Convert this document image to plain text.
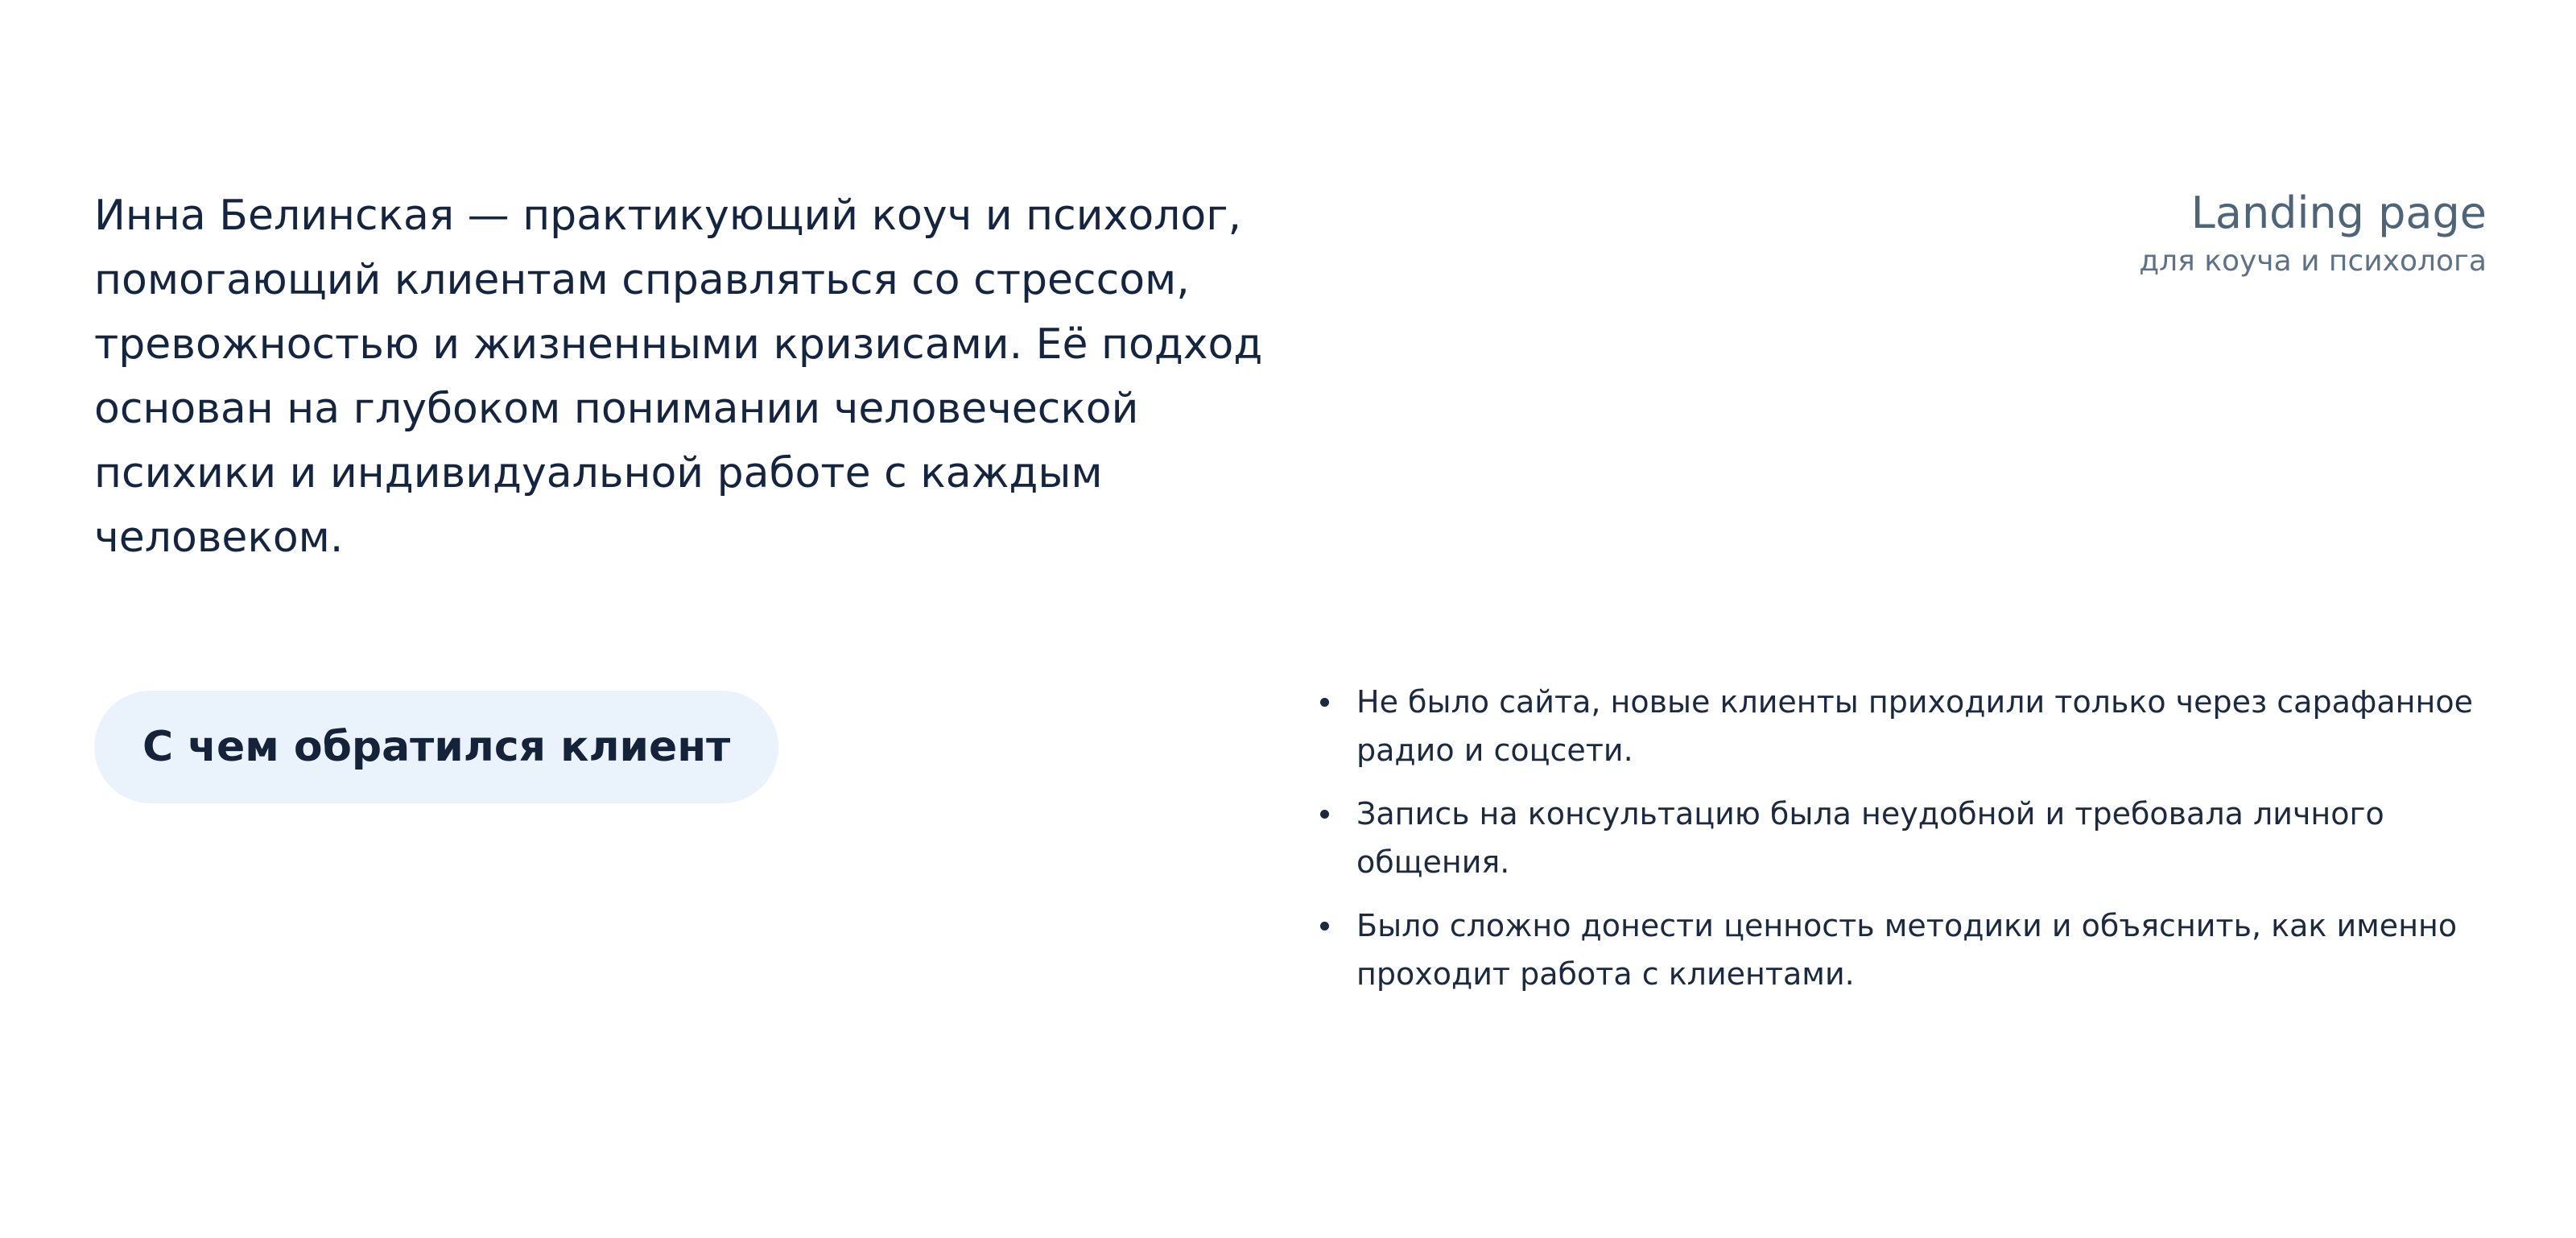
Инна Белинская — практикующий коуч и психолог, помогающий клиентам справляться со стрессом, тревожностью и жизненными кризисами. Её подход основан на глубоком понимании человеческой психики и индивидуальной работе с каждым человеком.

Landing page
для коуча и психолога
С чем обратился клиент
Не было сайта, новые клиенты приходили только через сарафанное радио и соцсети.
Запись на консультацию была неудобной и требовала личного общения.
Было сложно донести ценность методики и объяснить, как именно проходит работа с клиентами.
